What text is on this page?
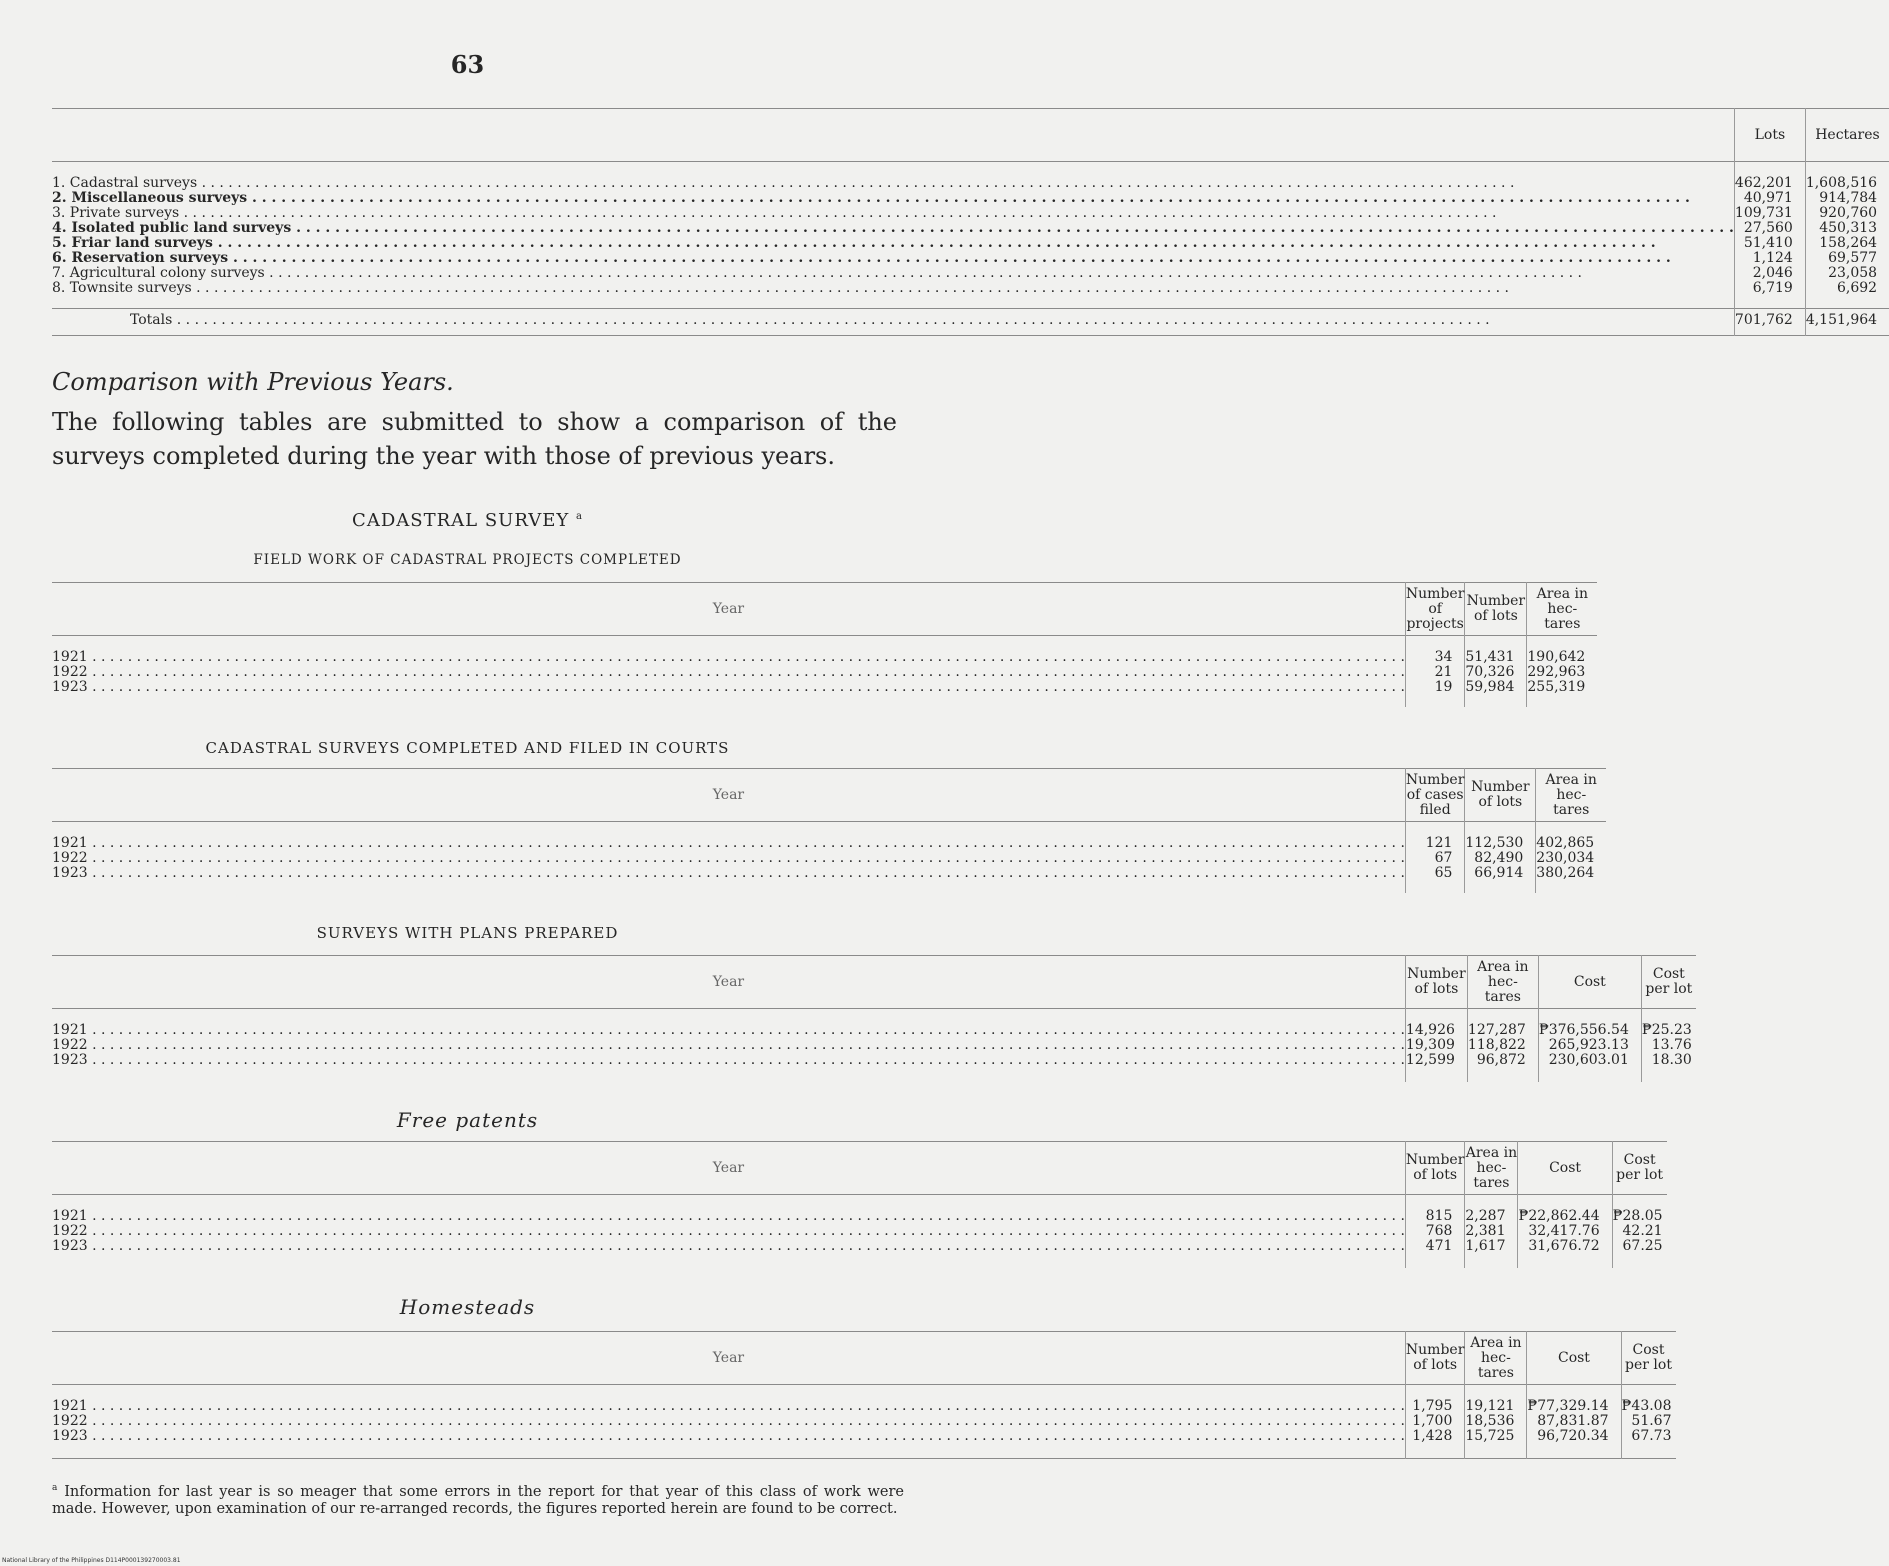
63
	Lots	Hectares

1. Cadastral surveys . . .	462,201	1,608,516
2. Miscellaneous surveys . . .	40,971	914,784
3. Private surveys . . .	109,731	920,760
4. Isolated public land surveys . . .	27,560	450,313
5. Friar land surveys . . .	51,410	158,264
6. Reservation surveys . . .	1,124	69,577
7. Agricultural colony surveys . . .	2,046	23,058
8. Townsite surveys . . .	6,719	6,692

Totals . . .	701,762	4,151,964

Comparison with Previous Years.
The following tables are submitted to show a comparison of the surveys completed during the year with those of previous years.
CADASTRAL SURVEY $^a$
FIELD WORK OF CADASTRAL PROJECTS COMPLETED
Year	Number of projects	Number of lots	Area in hec- tares

1921 . . .	34	51,431	190,642
1922 . . .	21	70,326	292,963
1923 . . .	19	59,984	255,319

CADASTRAL SURVEYS COMPLETED AND FILED IN COURTS
Year	Number of cases filed	Number of lots	Area in hec- tares

1921 . . .	121	112,530	402,865
1922 . . .	67	82,490	230,034
1923 . . .	65	66,914	380,264

SURVEYS WITH PLANS PREPARED
Year	Number of lots	Area in hec- tares	Cost	Cost per lot

1921 . . .	14,926	127,287	₱376,556.54	₱25.23
1922 . . .	19,309	118,822	265,923.13	13.76
1923 . . .	12,599	96,872	230,603.01	18.30

Free patents
Year	Number of lots	Area in hec- tares	Cost	Cost per lot

1921 . . .	815	2,287	₱22,862.44	₱28.05
1922 . . .	768	2,381	32,417.76	42.21
1923 . . .	471	1,617	31,676.72	67.25

Homesteads
Year	Number of lots	Area in hec- tares	Cost	Cost per lot

1921 . . .	1,795	19,121	₱77,329.14	₱43.08
1922 . . .	1,700	18,536	87,831.87	51.67
1923 . . .	1,428	15,725	96,720.34	67.73

$^a$ Information for last year is so meager that some errors in the report for that year of this class of work were made. However, upon examination of our re-arranged records, the figures reported herein are found to be correct.
National Library of the Philippines D114P000139270003.81
